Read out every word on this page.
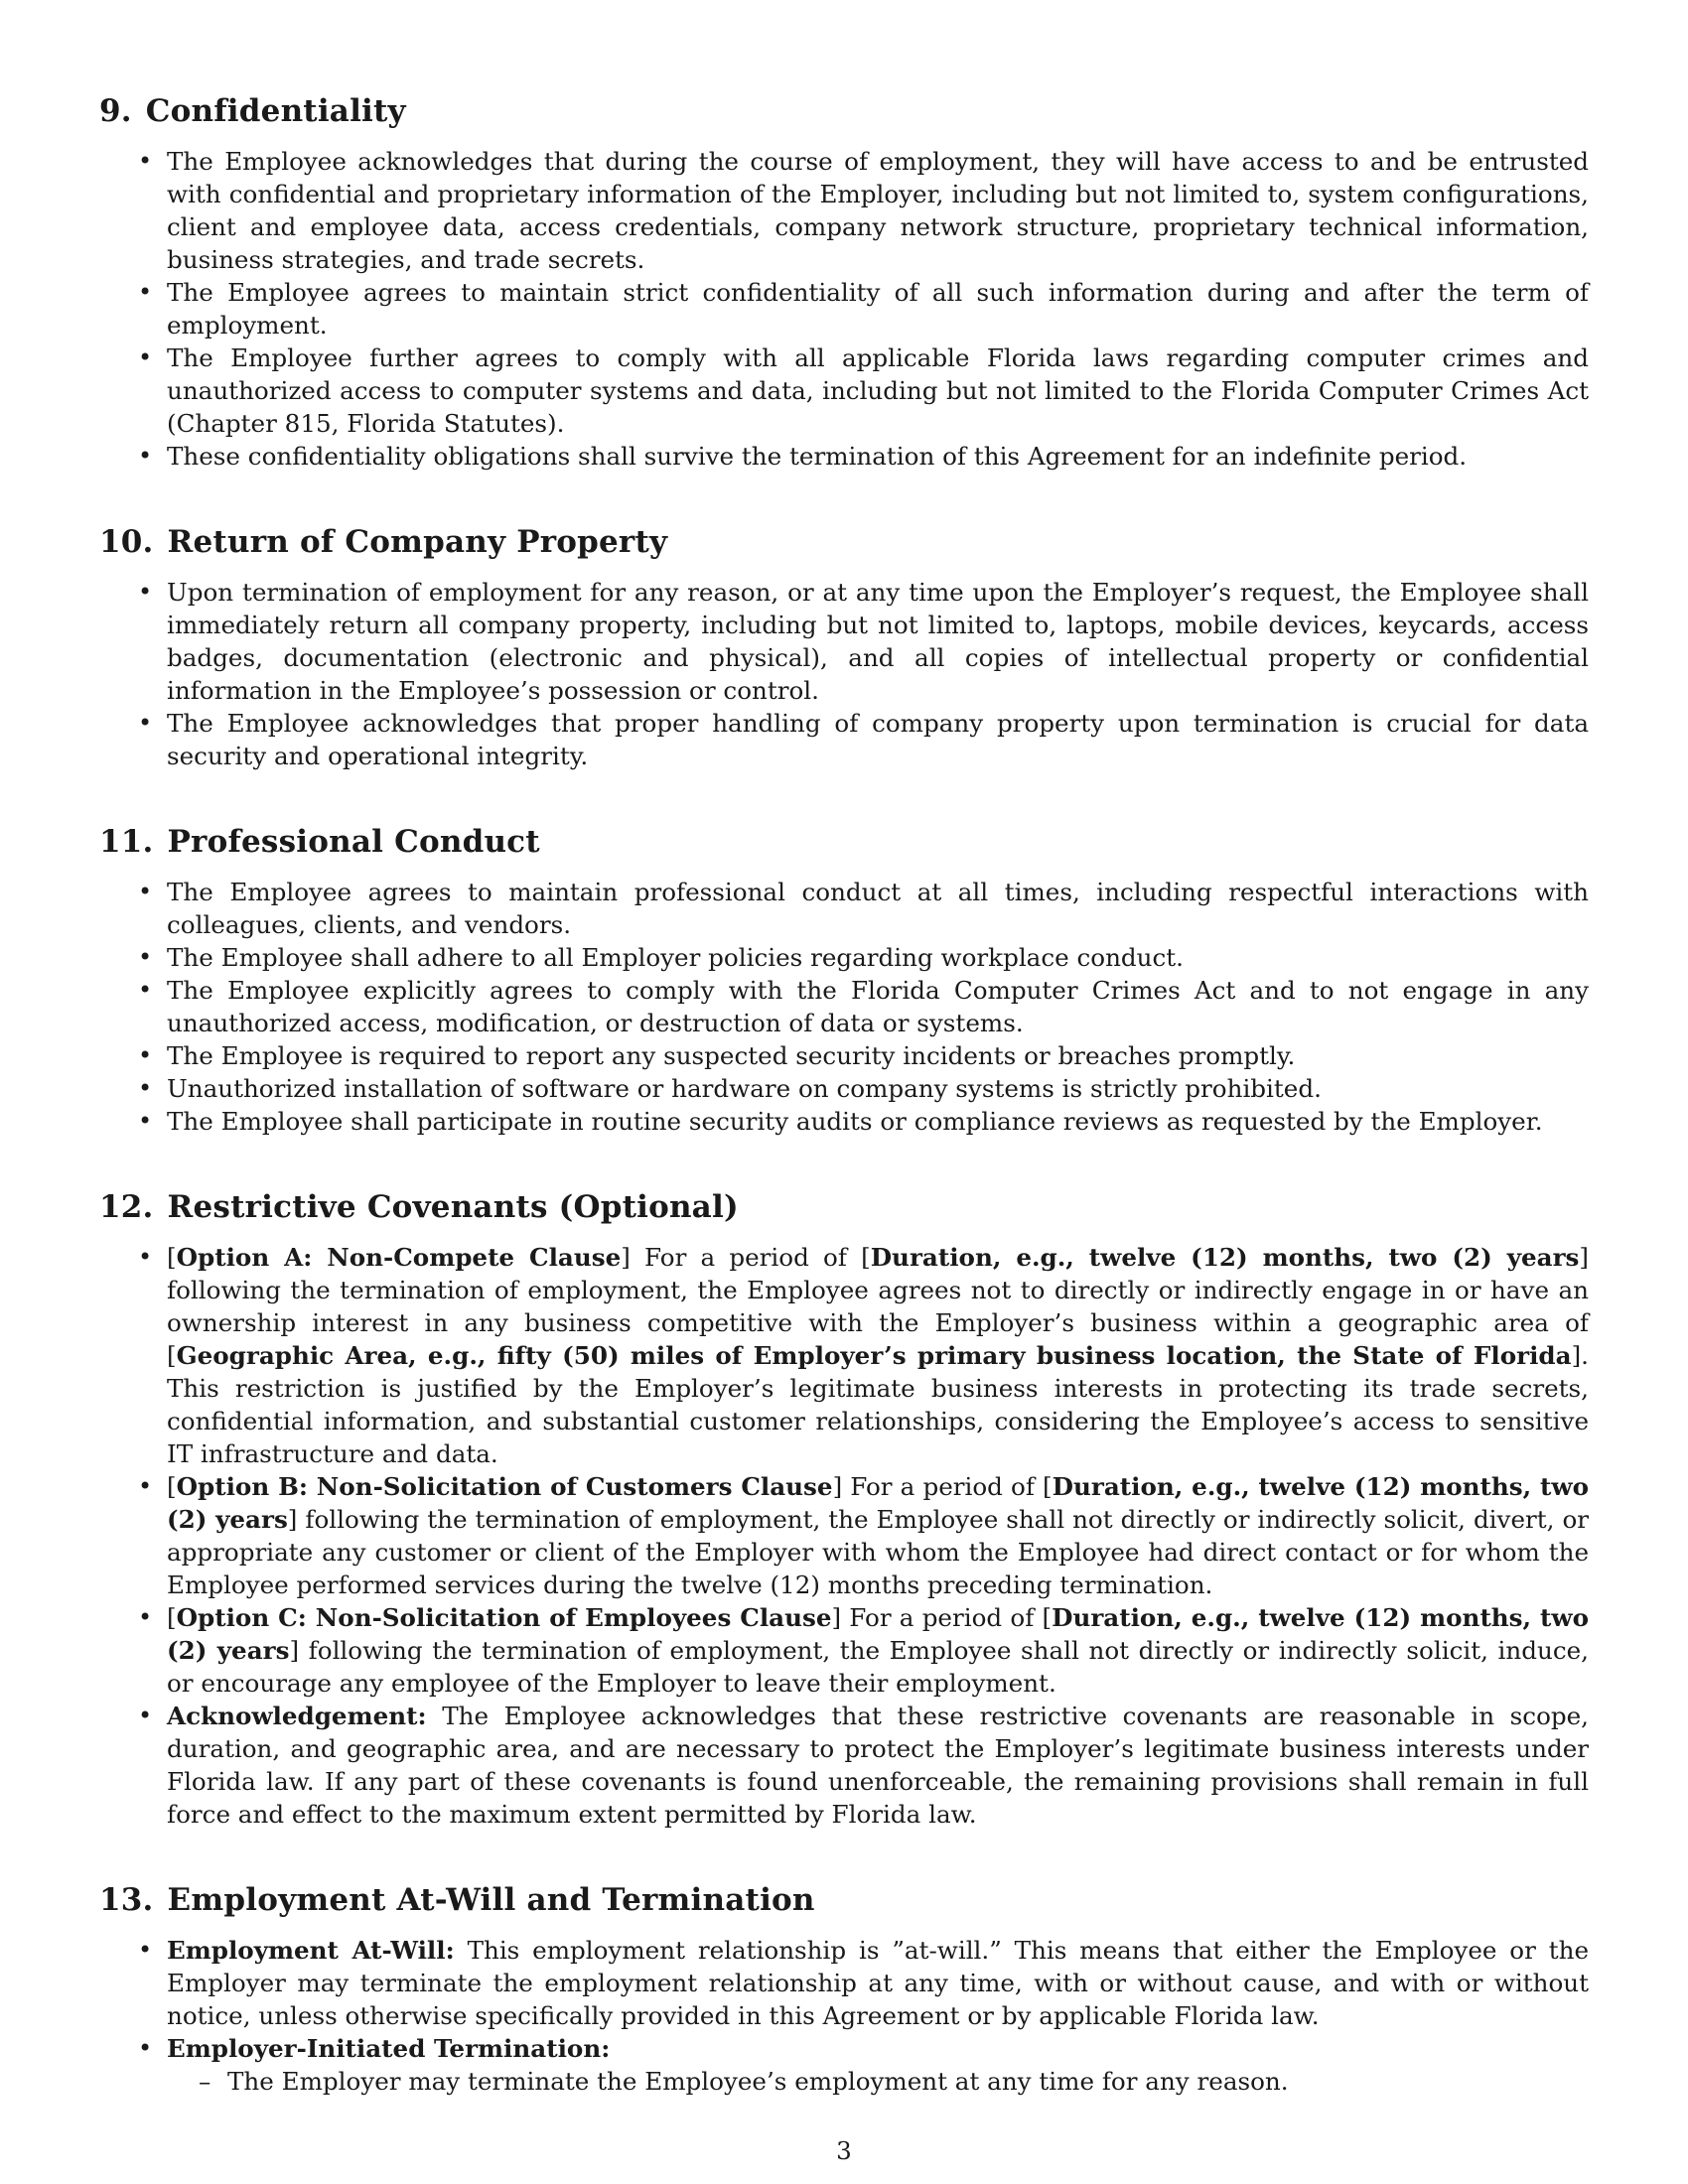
9. Confidentiality
• The Employee acknowledges that during the course of employment, they will have access to and be entrusted with confidential and proprietary information of the Employer, including but not limited to, system configurations, client and employee data, access credentials, company network structure, proprietary technical information, business strategies, and trade secrets.
• The Employee agrees to maintain strict confidentiality of all such information during and after the term of employment.
• The Employee further agrees to comply with all applicable Florida laws regarding computer crimes and unauthorized access to computer systems and data, including but not limited to the Florida Computer Crimes Act (Chapter 815, Florida Statutes).
• These confidentiality obligations shall survive the termination of this Agreement for an indefinite period.
10. Return of Company Property
• Upon termination of employment for any reason, or at any time upon the Employer’s request, the Employee shall immediately return all company property, including but not limited to, laptops, mobile devices, keycards, access badges, documentation (electronic and physical), and all copies of intellectual property or confidential information in the Employee’s possession or control.
• The Employee acknowledges that proper handling of company property upon termination is crucial for data security and operational integrity.
11. Professional Conduct
• The Employee agrees to maintain professional conduct at all times, including respectful interactions with colleagues, clients, and vendors.
• The Employee shall adhere to all Employer policies regarding workplace conduct.
• The Employee explicitly agrees to comply with the Florida Computer Crimes Act and to not engage in any unauthorized access, modification, or destruction of data or systems.
• The Employee is required to report any suspected security incidents or breaches promptly.
• Unauthorized installation of software or hardware on company systems is strictly prohibited.
• The Employee shall participate in routine security audits or compliance reviews as requested by the Employer.
12. Restrictive Covenants (Optional)
• [Option A: Non-Compete Clause] For a period of [Duration, e.g., twelve (12) months, two (2) years] following the termination of employment, the Employee agrees not to directly or indirectly engage in or have an ownership interest in any business competitive with the Employer’s business within a geographic area of [Geographic Area, e.g., fifty (50) miles of Employer’s primary business location, the State of Florida]. This restriction is justified by the Employer’s legitimate business interests in protecting its trade secrets, confidential information, and substantial customer relationships, considering the Employee’s access to sensitive IT infrastructure and data.
• [Option B: Non-Solicitation of Customers Clause] For a period of [Duration, e.g., twelve (12) months, two (2) years] following the termination of employment, the Employee shall not directly or indirectly solicit, divert, or appropriate any customer or client of the Employer with whom the Employee had direct contact or for whom the Employee performed services during the twelve (12) months preceding termination.
• [Option C: Non-Solicitation of Employees Clause] For a period of [Duration, e.g., twelve (12) months, two (2) years] following the termination of employment, the Employee shall not directly or indirectly solicit, induce, or encourage any employee of the Employer to leave their employment.
• Acknowledgement: The Employee acknowledges that these restrictive covenants are reasonable in scope, duration, and geographic area, and are necessary to protect the Employer’s legitimate business interests under Florida law. If any part of these covenants is found unenforceable, the remaining provisions shall remain in full force and effect to the maximum extent permitted by Florida law.
13. Employment At-Will and Termination
• Employment At-Will: This employment relationship is ”at-will.” This means that either the Employee or the Employer may terminate the employment relationship at any time, with or without cause, and with or without notice, unless otherwise specifically provided in this Agreement or by applicable Florida law.
• Employer-Initiated Termination:
– The Employer may terminate the Employee’s employment at any time for any reason.
3
